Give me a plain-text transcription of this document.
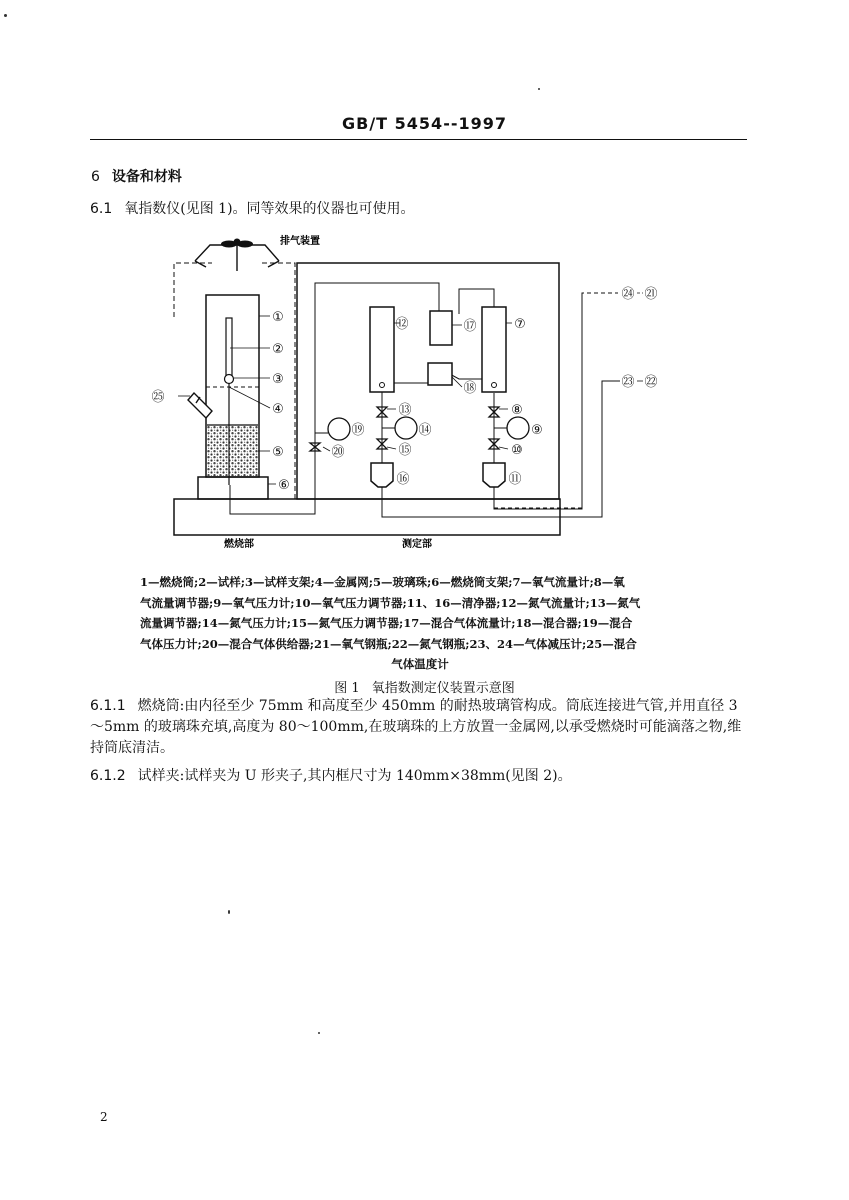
GB/T 5454--1997
6 设备和材料
6.1 氧指数仪(见图 1)。同等效果的仪器也可使用。
排气装置
燃烧部	测定部
①
②
③
④
⑤
⑥
⑦
⑧
⑨
⑩
⑪
⑫
⑬
⑭
⑮
⑯
⑰
⑱
⑲
⑳
㉑
㉒
㉓
㉔
㉕
1—燃烧筒;2—试样;3—试样支架;4—金属网;5—玻璃珠;6—燃烧筒支架;7—氧气流量计;8—氧
气流量调节器;9—氧气压力计;10—氧气压力调节器;11、16—清净器;12—氮气流量计;13—氮气
流量调节器;14—氮气压力计;15—氮气压力调节器;17—混合气体流量计;18—混合器;19—混合
气体压力计;20—混合气体供给器;21—氧气钢瓶;22—氮气钢瓶;23、24—气体减压计;25—混合
气体温度计
图 1 氧指数测定仪装置示意图
6.1.1 燃烧筒:由内径至少 75mm 和高度至少 450mm 的耐热玻璃管构成。筒底连接进气管,并用直径 3～5mm 的玻璃珠充填,高度为 80～100mm,在玻璃珠的上方放置一金属网,以承受燃烧时可能滴落之物,维持筒底清洁。
6.1.2 试样夹:试样夹为 U 形夹子,其内框尺寸为 140mm×38mm(见图 2)。
2
